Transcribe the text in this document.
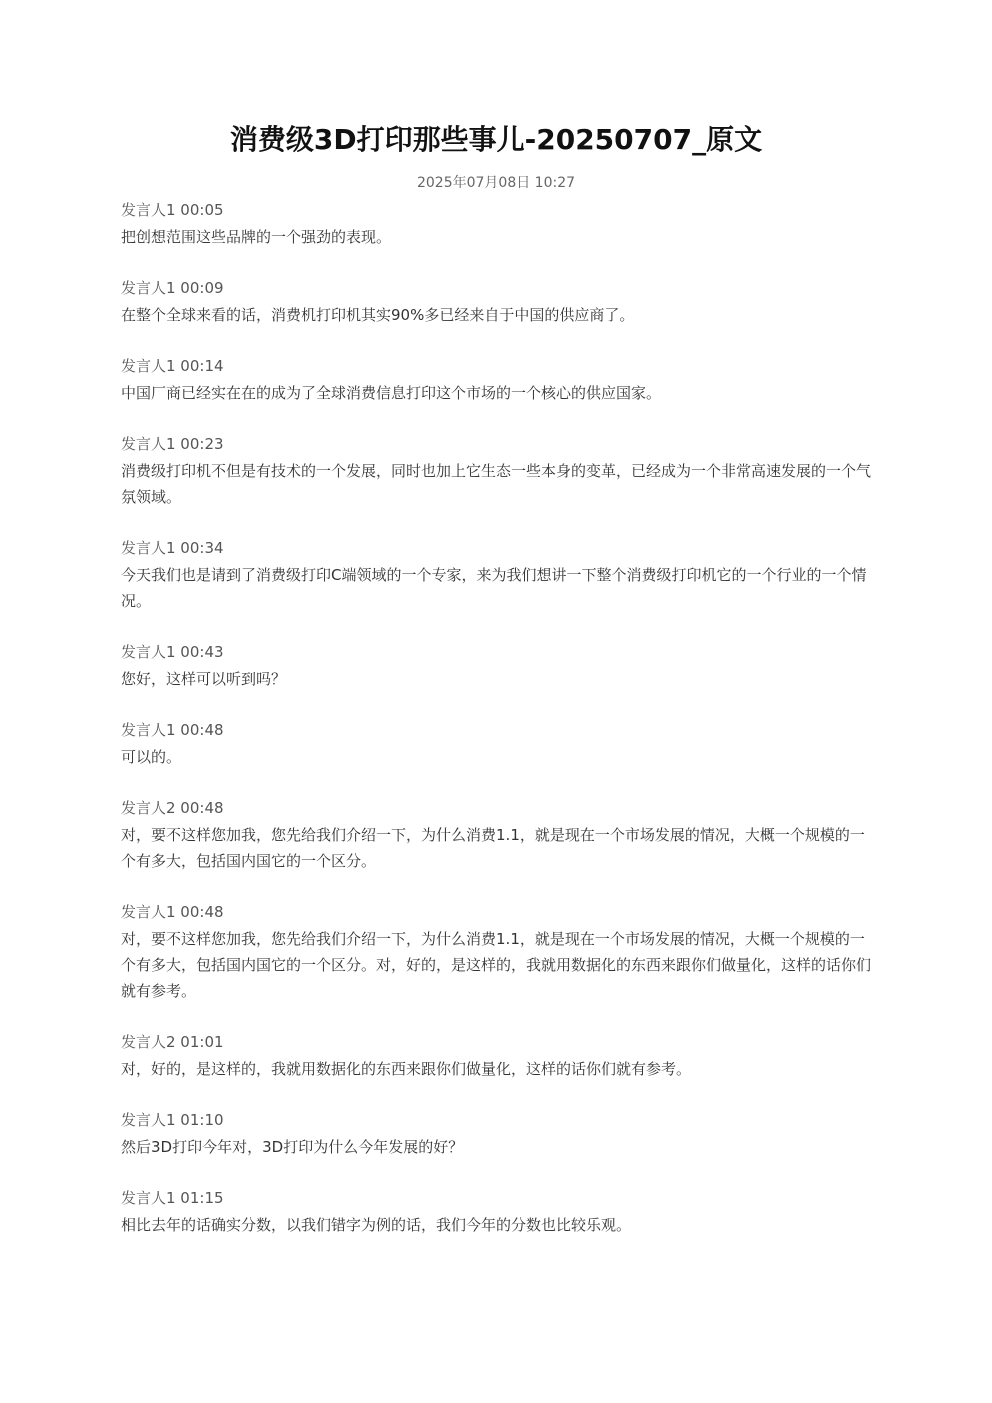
消费级3D打印那些事儿-20250707_原文
2025年07月08日 10:27
发言人1 00:05
把创想范围这些品牌的一个强劲的表现。
发言人1 00:09
在整个全球来看的话，消费机打印机其实90%多已经来自于中国的供应商了。
发言人1 00:14
中国厂商已经实在在的成为了全球消费信息打印这个市场的一个核心的供应国家。
发言人1 00:23
消费级打印机不但是有技术的一个发展，同时也加上它生态一些本身的变革，已经成为一个非常高速发展的一个气氛领域。
发言人1 00:34
今天我们也是请到了消费级打印C端领域的一个专家，来为我们想讲一下整个消费级打印机它的一个行业的一个情况。
发言人1 00:43
您好，这样可以听到吗？
发言人1 00:48
可以的。
发言人2 00:48
对，要不这样您加我，您先给我们介绍一下，为什么消费1.1，就是现在一个市场发展的情况，大概一个规模的一个有多大，包括国内国它的一个区分。
发言人1 00:48
对，要不这样您加我，您先给我们介绍一下，为什么消费1.1，就是现在一个市场发展的情况，大概一个规模的一个有多大，包括国内国它的一个区分。对，好的，是这样的，我就用数据化的东西来跟你们做量化，这样的话你们就有参考。
发言人2 01:01
对，好的，是这样的，我就用数据化的东西来跟你们做量化，这样的话你们就有参考。
发言人1 01:10
然后3D打印今年对，3D打印为什么今年发展的好？
发言人1 01:15
相比去年的话确实分数，以我们错字为例的话，我们今年的分数也比较乐观。
